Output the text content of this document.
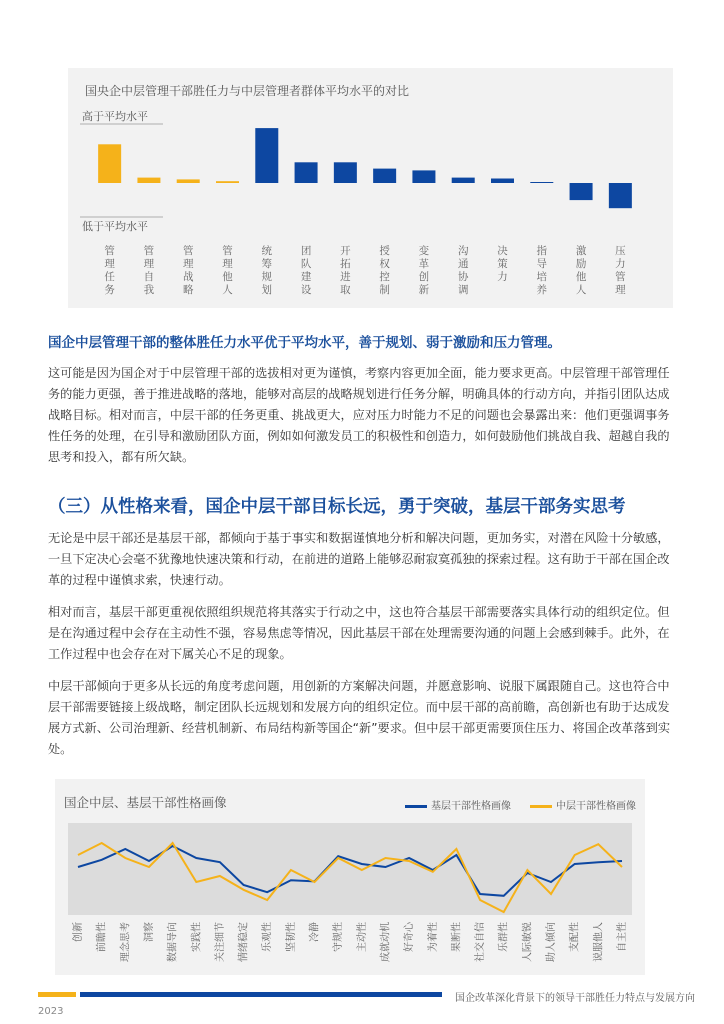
国央企中层管理干部胜任力与中层管理者群体平均水平的对比
高于平均水平
低于平均水平
管
理
任
务
管
理
自
我
管
理
战
略
管
理
他
人
统
筹
规
划
团
队
建
设
开
拓
进
取
授
权
控
制
变
革
创
新
沟
通
协
调
决
策
力
指
导
培
养
激
励
他
人
压
力
管
理
国企中层管理干部的整体胜任力水平优于平均水平，善于规划、弱于激励和压力管理。

这可能是因为国企对于中层管理干部的选拔相对更为谨慎，考察内容更加全面，能力要求更高。中层管理干部管理任务的能力更强，善于推进战略的落地，能够对高层的战略规划进行任务分解，明确具体的行动方向，并指引团队达成战略目标。相对而言，中层干部的任务更重、挑战更大，应对压力时能力不足的问题也会暴露出来：他们更强调事务性任务的处理，在引导和激励团队方面，例如如何激发员工的积极性和创造力，如何鼓励他们挑战自我、超越自我的思考和投入，都有所欠缺。

（三）从性格来看，国企中层干部目标长远，勇于突破，基层干部务实思考

无论是中层干部还是基层干部，都倾向于基于事实和数据谨慎地分析和解决问题，更加务实，对潜在风险十分敏感，一旦下定决心会毫不犹豫地快速决策和行动，在前进的道路上能够忍耐寂寞孤独的探索过程。这有助于干部在国企改革的过程中谨慎求索，快速行动。

相对而言，基层干部更重视依照组织规范将其落实于行动之中，这也符合基层干部需要落实具体行动的组织定位。但是在沟通过程中会存在主动性不强，容易焦虑等情况，因此基层干部在处理需要沟通的问题上会感到棘手。此外，在工作过程中也会存在对下属关心不足的现象。

中层干部倾向于更多从长远的角度考虑问题，用创新的方案解决问题，并愿意影响、说服下属跟随自己。这也符合中层干部需要链接上级战略，制定团队长远规划和发展方向的组织定位。而中层干部的高前瞻，高创新也有助于达成发展方式新、公司治理新、经营机制新、布局结构新等国企“新”要求。但中层干部更需要顶住压力、将国企改革落到实处。

国企中层、基层干部性格画像	基层干部性格画像	中层干部性格画像
创新 前瞻性 理念思考 洞察 数据导向 实践性 关注细节 情绪稳定 乐观性 坚韧性 冷静 守规性 主动性 成就动机 好奇心 为着性 果断性 社交自信 乐群性 人际敏锐 助人倾向 支配性 说服他人 自主性
国企改革深化背景下的领导干部胜任力特点与发展方向
2023
